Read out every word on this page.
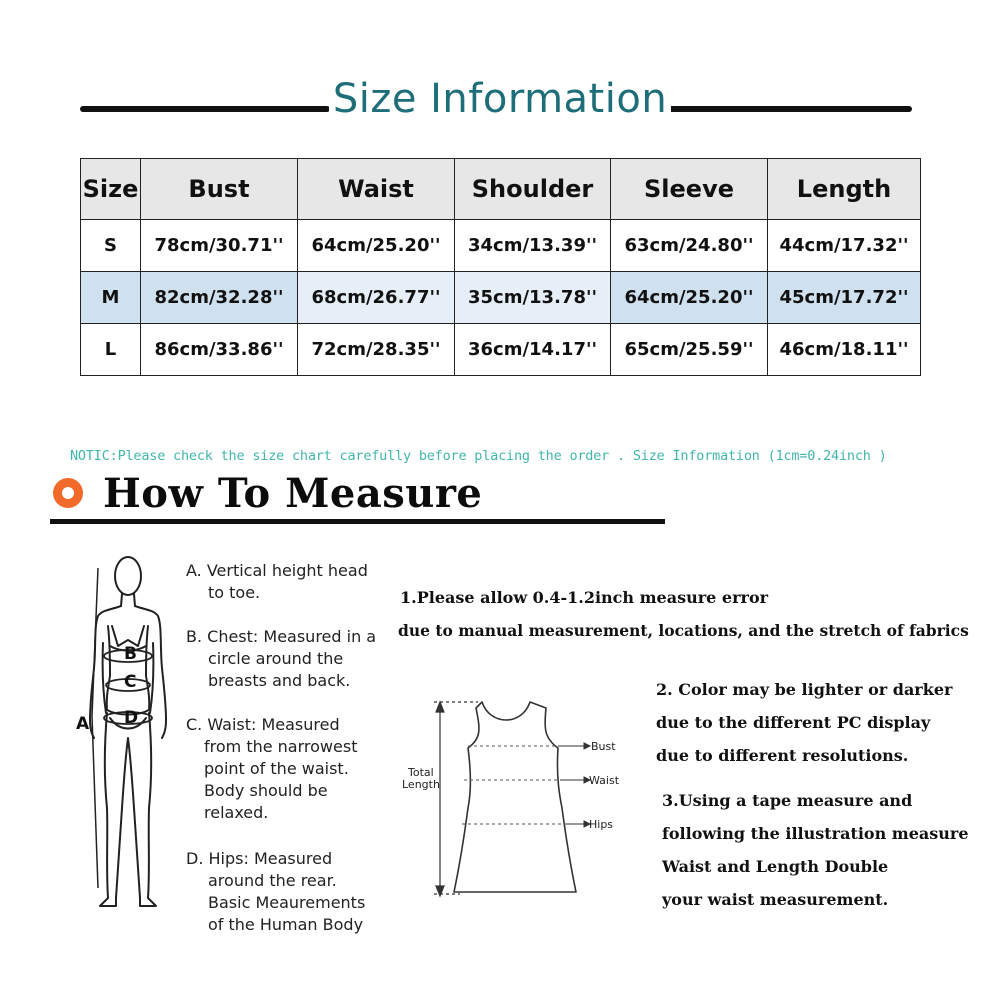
Size Information
Size	Bust	Waist	Shoulder	Sleeve	Length
S	78cm/30.71''	64cm/25.20''	34cm/13.39''	63cm/24.80''	44cm/17.32''
M	82cm/32.28''	68cm/26.77''	35cm/13.78''	64cm/25.20''	45cm/17.72''
L	86cm/33.86''	72cm/28.35''	36cm/14.17''	65cm/25.59''	46cm/18.11''
NOTIC:Please check the size chart carefully before placing the order . Size Information (1cm=0.24inch )
How To Measure
A
B
C
D
A. Vertical height head
to toe.
B. Chest: Measured in a
circle around the
breasts and back.
C. Waist: Measured
from the narrowest
point of the waist.
Body should be
relaxed.
D. Hips: Measured
around the rear.
Basic Meaurements
of the Human Body
1.Please allow 0.4-1.2inch measure error
due to manual measurement, locations, and the stretch of fabrics
2. Color may be lighter or darker
due to the different PC display
due to different resolutions.
3.Using a tape measure and
following the illustration measure
Waist and Length Double
your waist measurement.
Total
Length
Bust
Waist
Hips
